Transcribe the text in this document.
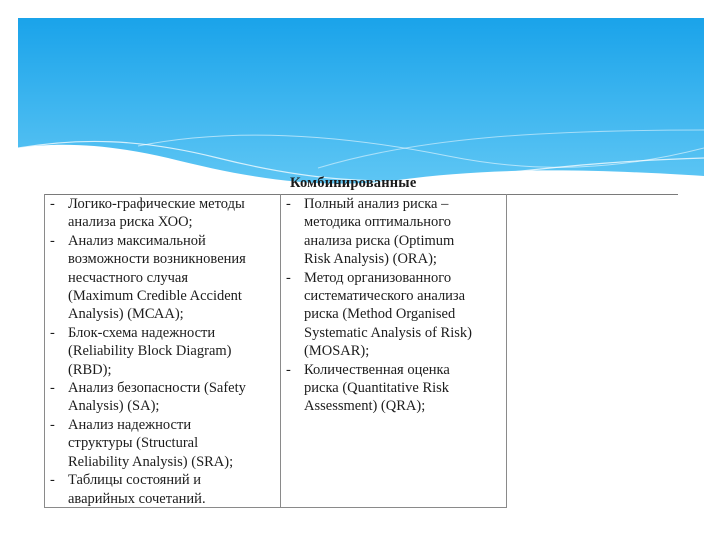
Комбинированные
- Логико-графические методы
анализа риска ХОО;
- Анализ максимальной
возможности возникновения
несчастного случая
(Maximum Credible Accident
Analysis) (МСАА);
- Блок-схема надежности
(Reliability Block Diagram)
(RBD);
- Анализ безопасности (Safety
Analysis) (SA);
- Анализ надежности
структуры (Structural
Reliability Analysis) (SRA);
- Таблицы состояний и
аварийных сочетаний.
- Полный анализ риска –
методика оптимального
анализа риска (Optimum
Risk Analysis) (ORA);
- Метод организованного
систематического анализа
риска (Method Organised
Systematic Analysis of Risk)
(MOSAR);
- Количественная оценка
риска (Quantitative Risk
Assessment) (QRA);
